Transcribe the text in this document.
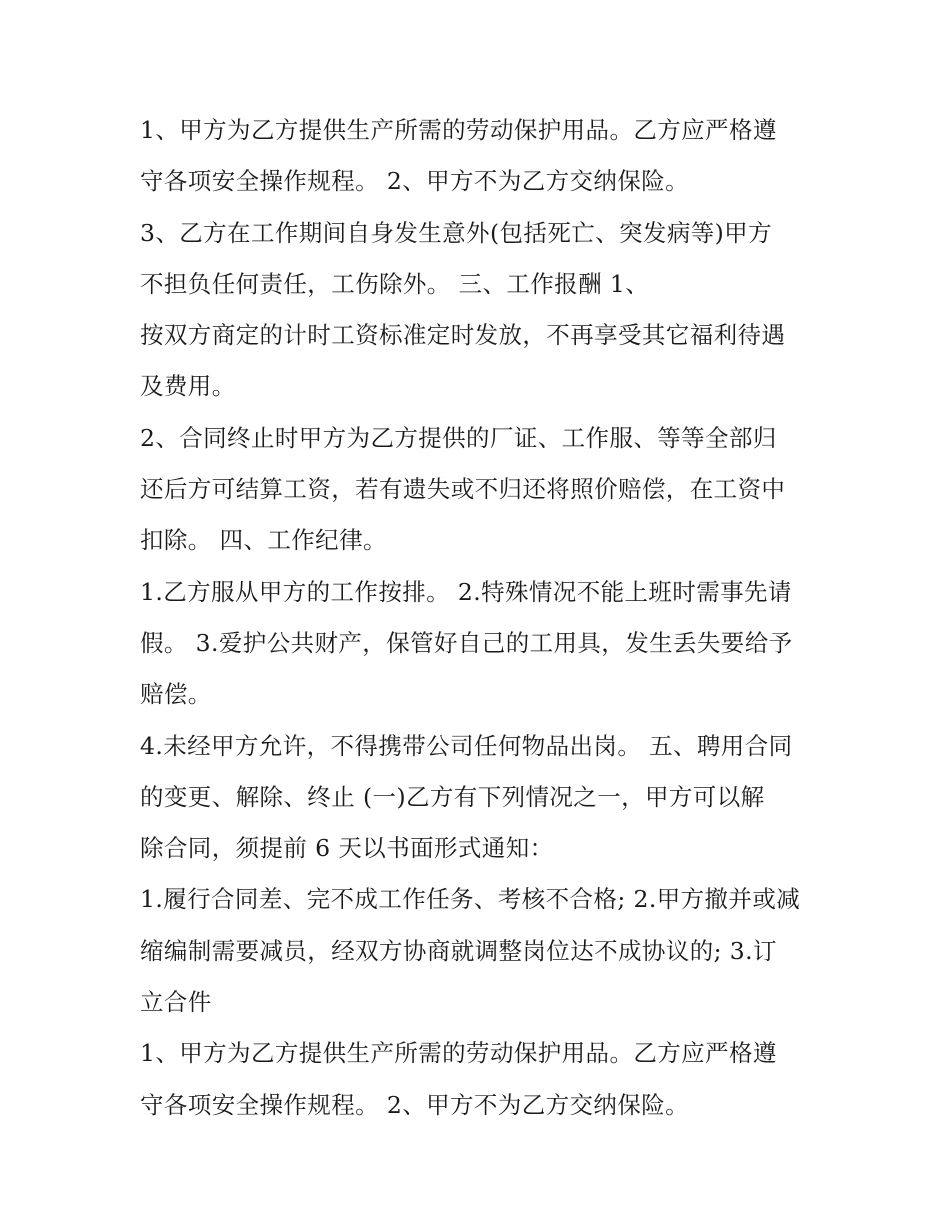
1、甲方为乙方提供生产所需的劳动保护用品。乙方应严格遵
守各项安全操作规程。 2、甲方不为乙方交纳保险。
3、乙方在工作期间自身发生意外(包括死亡、突发病等)甲方
不担负任何责任，工伤除外。 三、工作报酬 1、
按双方商定的计时工资标准定时发放，不再享受其它福利待遇
及费用。
2、合同终止时甲方为乙方提供的厂证、工作服、等等全部归
还后方可结算工资，若有遗失或不归还将照价赔偿，在工资中
扣除。 四、工作纪律。
1.乙方服从甲方的工作按排。 2.特殊情况不能上班时需事先请
假。 3.爱护公共财产，保管好自己的工用具，发生丢失要给予
赔偿。
4.未经甲方允许，不得携带公司任何物品出岗。 五、聘用合同
的变更、解除、终止 (一)乙方有下列情况之一，甲方可以解
除合同，须提前 6 天以书面形式通知：
1.履行合同差、完不成工作任务、考核不合格; 2.甲方撤并或减
缩编制需要减员，经双方协商就调整岗位达不成协议的; 3.订
立合件
1、甲方为乙方提供生产所需的劳动保护用品。乙方应严格遵
守各项安全操作规程。 2、甲方不为乙方交纳保险。
